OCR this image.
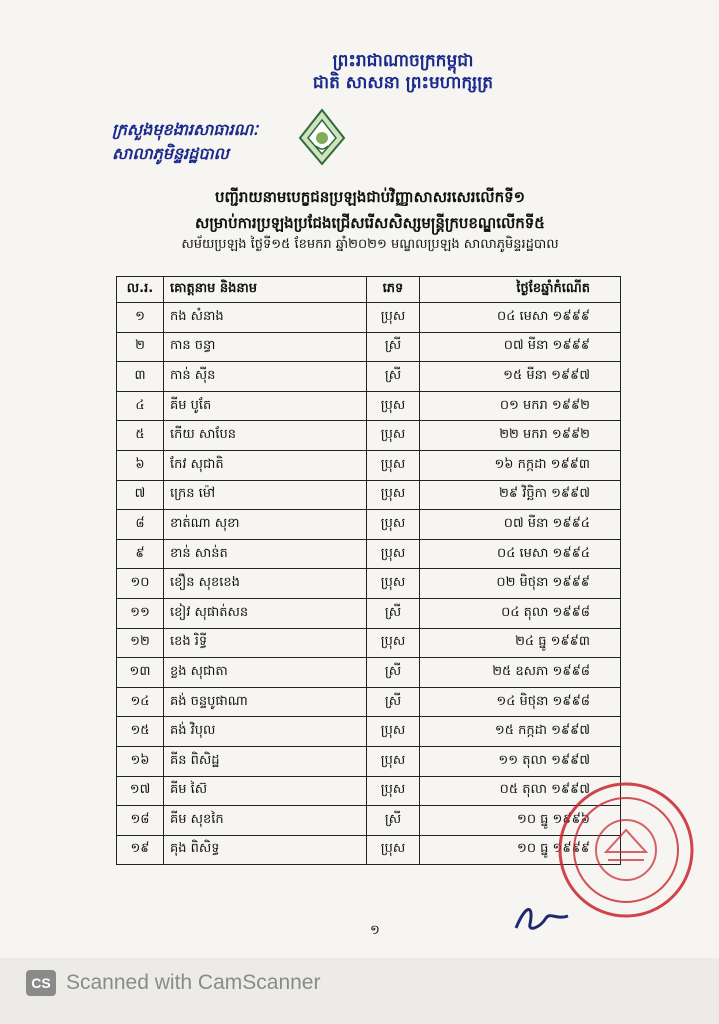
ព្រះរាជាណាចក្រកម្ពុជា
ជាតិ សាសនា ព្រះមហាក្សត្រ
ក្រសួងមុខងារសាធារណៈ
សាលាភូមិន្ទរដ្ឋបាល
បញ្ជីរាយនាមបេក្ខជនប្រឡងជាប់វិញ្ញាសាសរសេរលើកទី១
សម្រាប់ការប្រឡងប្រជែងជ្រើសរើសសិស្សមន្ត្រីក្របខណ្ឌលើកទី៥
សម័យប្រឡង ថ្ងៃទី១៥ ខែមករា ឆ្នាំ២០២១ មណ្ឌលប្រឡង សាលាភូមិន្ទរដ្ឋបាល
ល.រ.	គោត្តនាម និងនាម	ភេទ	ថ្ងៃខែឆ្នាំកំណើត
១	កង សំនាង	ប្រុស	០៤ មេសា ១៩៩៩
២	កាន ចន្ធា	ស្រី	០៧ មីនា ១៩៩៩
៣	កាន់ ស៊ីន	ស្រី	១៥ មីនា ១៩៩៧
៤	គីម បូតែ	ប្រុស	០១ មករា ១៩៩២
៥	កើយ សាបែន	ប្រុស	២២ មករា ១៩៩២
៦	កែវ សុជាតិ	ប្រុស	១៦ កក្កដា ១៩៩៣
៧	ក្រេន ម៉ៅ	ប្រុស	២៩ វិច្ឆិកា ១៩៩៧
៨	ខាត់ណា សុខា	ប្រុស	០៧ មីនា ១៩៩៤
៩	ខាន់ សាន់ត	ប្រុស	០៤ មេសា ១៩៩៤
១០	ខឿន សុខខេង	ប្រុស	០២ មិថុនា ១៩៩៩
១១	ខៀវ សុផាត់សន	ស្រី	០៤ តុលា ១៩៩៨
១២	ខេង រិទ្ធី	ប្រុស	២៤ ធ្នូ ១៩៩៣
១៣	ខ្លង សុជាតា	ស្រី	២៥ ឧសភា ១៩៩៨
១៤	គង់ ចន្ទបូផាណា	ស្រី	១៤ មិថុនា ១៩៩៨
១៥	គង់ វិបុល	ប្រុស	១៥ កក្កដា ១៩៩៧
១៦	គីន ពិសិដ្ឋ	ប្រុស	១១ តុលា ១៩៩៧
១៧	គីម ស៊ៃ	ប្រុស	០៥ តុលា ១៩៩៧
១៨	គីម សុខកៃ	ស្រី	១០ ធ្នូ ១៩៩៦
១៩	គុង ពិសិទ្ធ	ប្រុស	១០ ធ្នូ ១៩៩៩
១
CS Scanned with CamScanner
